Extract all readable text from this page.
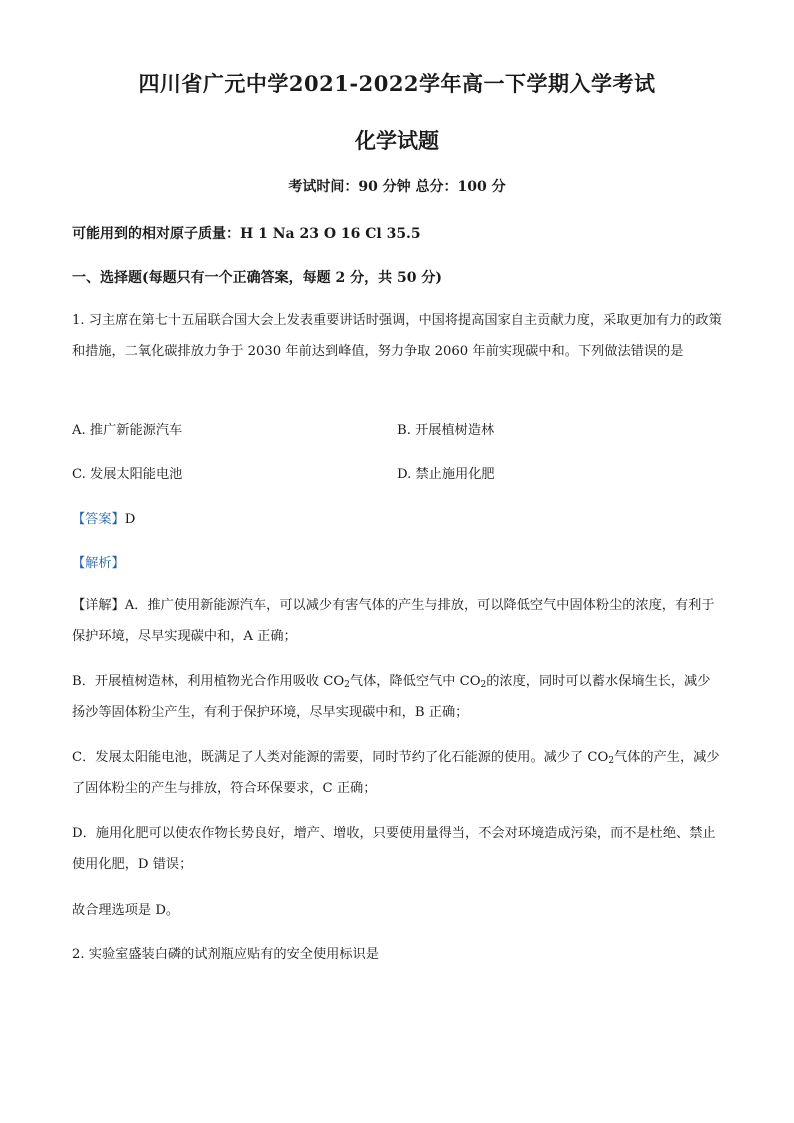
四川省广元中学2021-2022学年高一下学期入学考试
化学试题
考试时间：90 分钟 总分：100 分
可能用到的相对原子质量：H 1 Na 23 O 16 Cl 35.5
一、选择题(每题只有一个正确答案，每题 2 分，共 50 分)
1. 习主席在第七十五届联合国大会上发表重要讲话时强调，中国将提高国家自主贡献力度，采取更加有力的政策和措施，二氧化碳排放力争于 2030 年前达到峰值，努力争取 2060 年前实现碳中和。下列做法错误的是
A. 推广新能源汽车	B. 开展植树造林
C. 发展太阳能电池	D. 禁止施用化肥
【答案】D
【解析】
【详解】A．推广使用新能源汽车，可以减少有害气体的产生与排放，可以降低空气中固体粉尘的浓度，有利于保护环境，尽早实现碳中和，A 正确；
B．开展植树造林，利用植物光合作用吸收 $CO_2$气体，降低空气中 $CO_2$的浓度，同时可以蓄水保墒生长，减少扬沙等固体粉尘产生，有利于保护环境，尽早实现碳中和，B 正确；
C．发展太阳能电池，既满足了人类对能源的需要，同时节约了化石能源的使用。减少了 $CO_2$气体的产生，减少了固体粉尘的产生与排放，符合环保要求，C 正确；
D．施用化肥可以使农作物长势良好，增产、增收，只要使用量得当，不会对环境造成污染，而不是杜绝、禁止使用化肥，D 错误；
故合理选项是 D。
2. 实验室盛装白磷的试剂瓶应贴有的安全使用标识是
